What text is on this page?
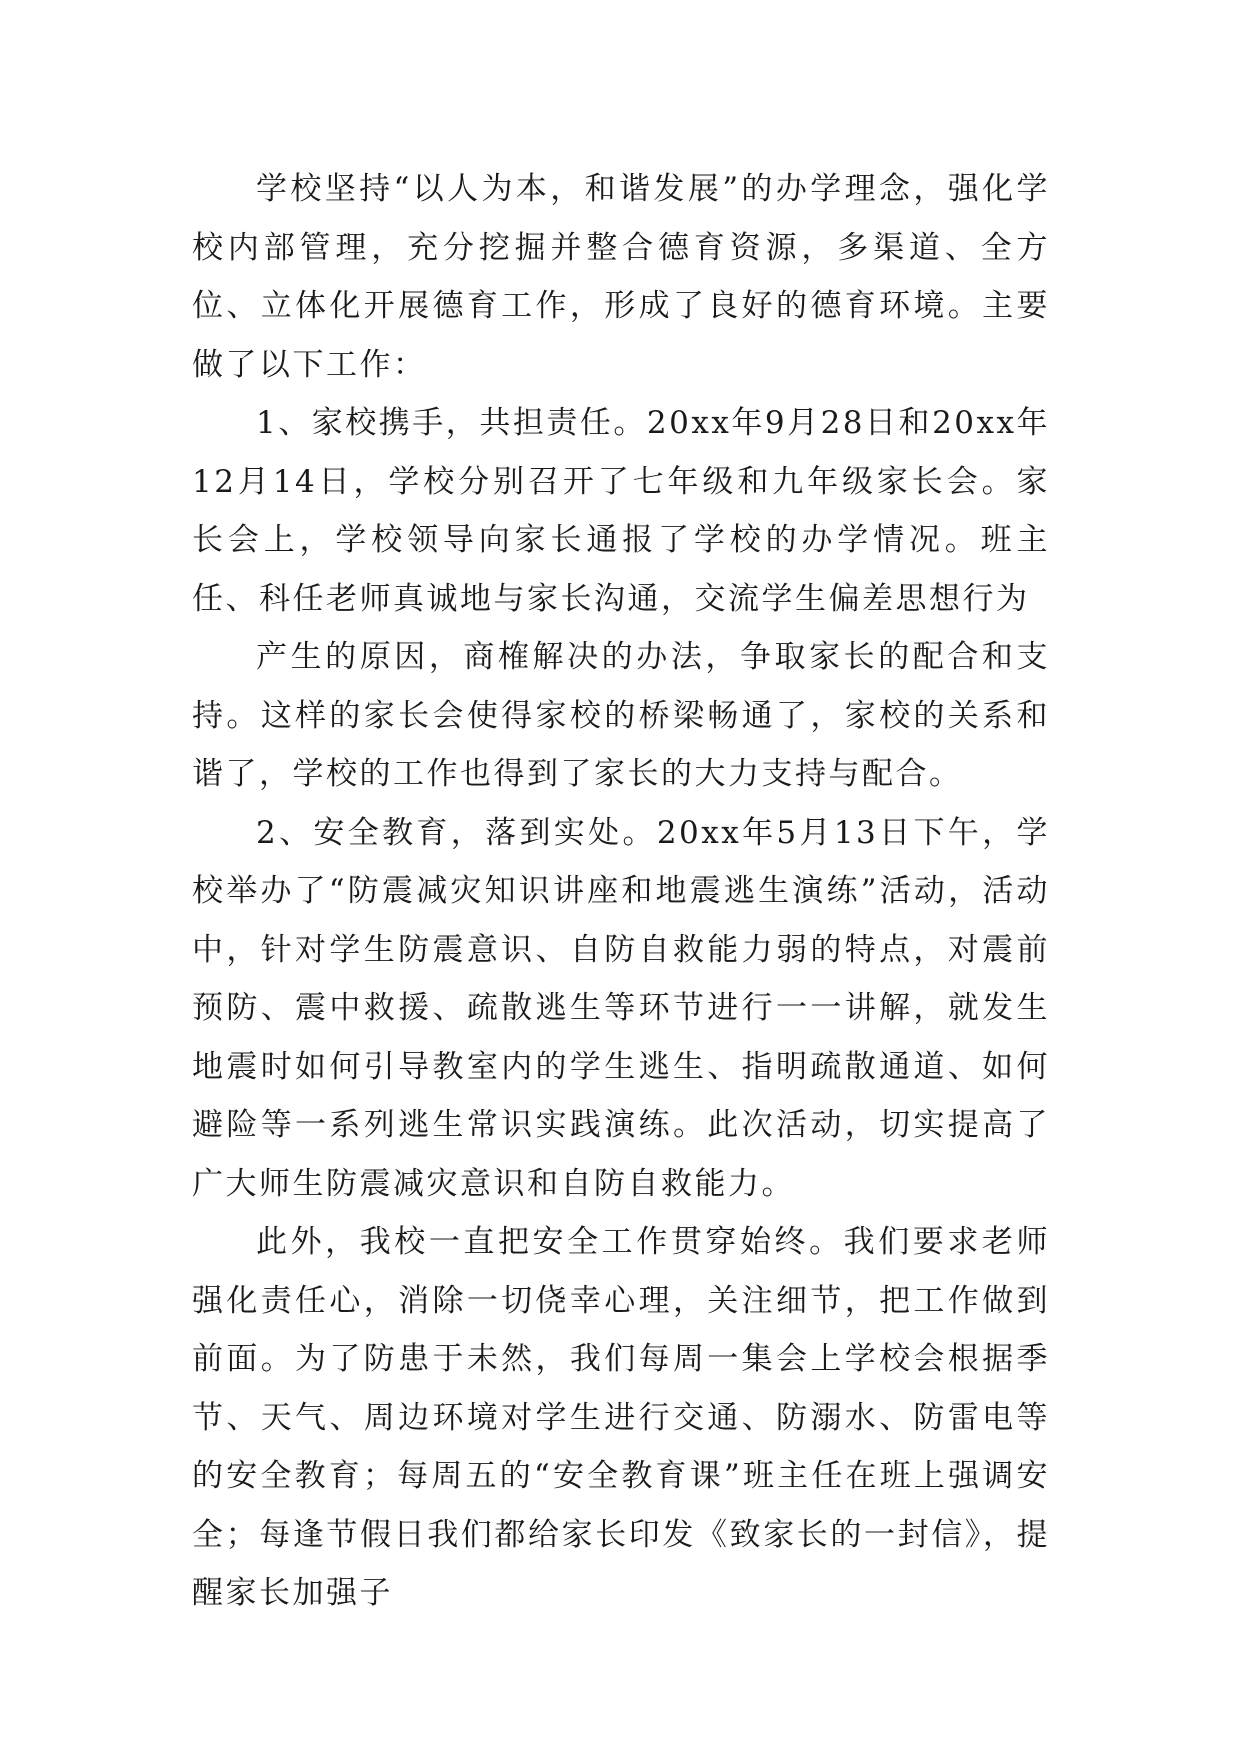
学校坚持“以人为本，和谐发展”的办学理念，强化学校内部管理，充分挖掘并整合德育资源，多渠道、全方位、立体化开展德育工作，形成了良好的德育环境。主要做了以下工作：

1、家校携手，共担责任。20xx年9月28日和20xx年12月14日，学校分别召开了七年级和九年级家长会。家长会上，学校领导向家长通报了学校的办学情况。班主任、科任老师真诚地与家长沟通，交流学生偏差思想行为

产生的原因，商榷解决的办法，争取家长的配合和支持。这样的家长会使得家校的桥梁畅通了，家校的关系和谐了，学校的工作也得到了家长的大力支持与配合。

2、安全教育，落到实处。20xx年5月13日下午，学校举办了“防震减灾知识讲座和地震逃生演练”活动，活动中，针对学生防震意识、自防自救能力弱的特点，对震前预防、震中救援、疏散逃生等环节进行一一讲解，就发生地震时如何引导教室内的学生逃生、指明疏散通道、如何避险等一系列逃生常识实践演练。此次活动，切实提高了广大师生防震减灾意识和自防自救能力。

此外，我校一直把安全工作贯穿始终。我们要求老师强化责任心，消除一切侥幸心理，关注细节，把工作做到前面。为了防患于未然，我们每周一集会上学校会根据季节、天气、周边环境对学生进行交通、防溺水、防雷电等的安全教育；每周五的“安全教育课”班主任在班上强调安全；每逢节假日我们都给家长印发《致家长的一封信》，提醒家长加强子
